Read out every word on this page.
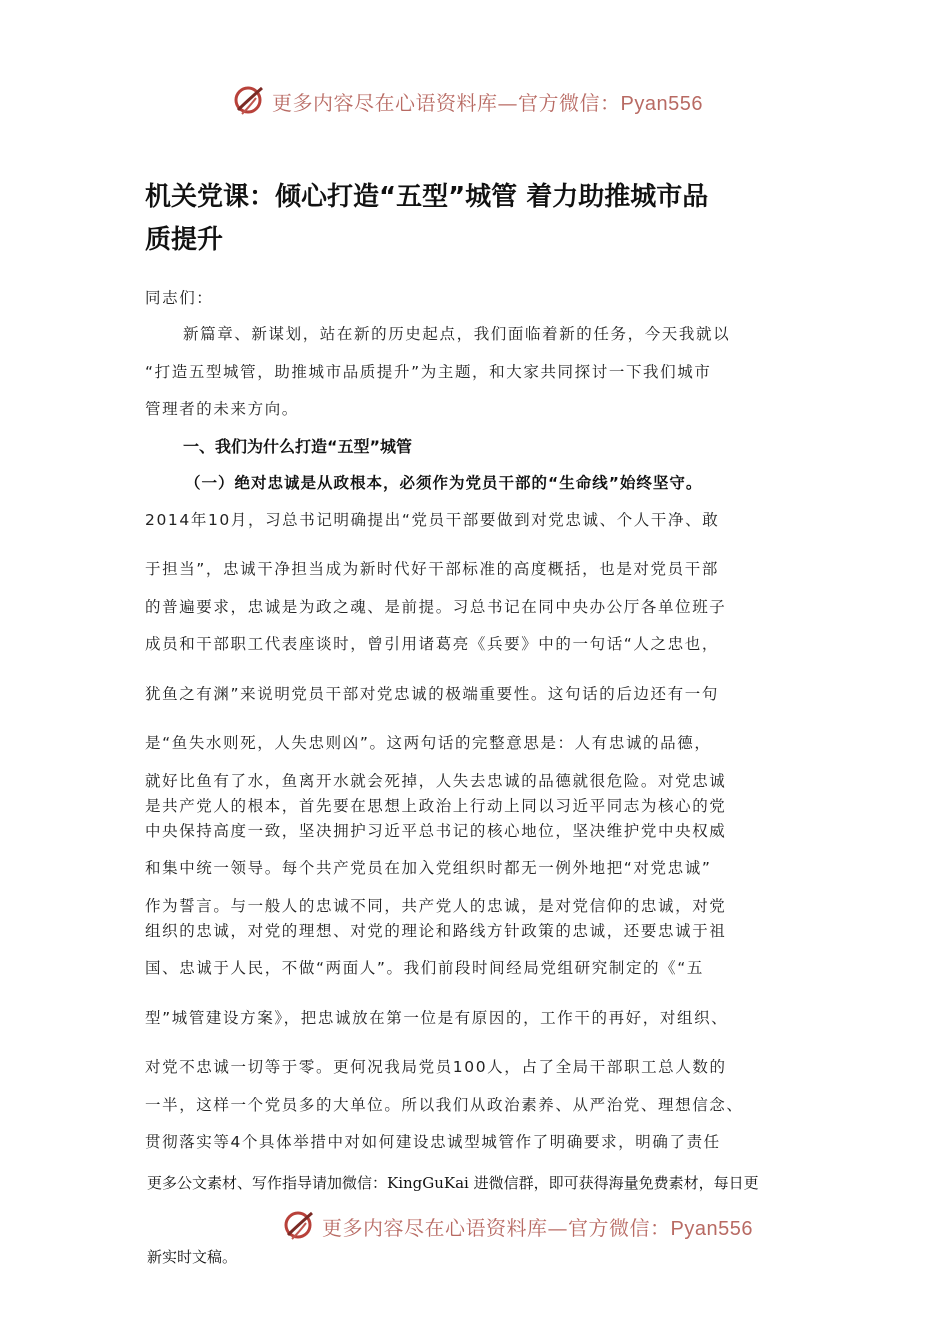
更多内容尽在心语资料库—官方微信：Pyan556
机关党课：倾心打造“五型”城管 着力助推城市品
质提升
同志们：
新篇章、新谋划，站在新的历史起点，我们面临着新的任务，今天我就以
“打造五型城管，助推城市品质提升”为主题，和大家共同探讨一下我们城市
管理者的未来方向。
一、我们为什么打造“五型”城管
（一）绝对忠诚是从政根本，必须作为党员干部的“生命线”始终坚守。
2014年10月，习总书记明确提出“党员干部要做到对党忠诚、个人干净、敢
于担当”，忠诚干净担当成为新时代好干部标准的高度概括，也是对党员干部
的普遍要求，忠诚是为政之魂、是前提。习总书记在同中央办公厅各单位班子
成员和干部职工代表座谈时，曾引用诸葛亮《兵要》中的一句话“人之忠也，
犹鱼之有渊”来说明党员干部对党忠诚的极端重要性。这句话的后边还有一句
是“鱼失水则死，人失忠则凶”。这两句话的完整意思是：人有忠诚的品德，
就好比鱼有了水，鱼离开水就会死掉，人失去忠诚的品德就很危险。对党忠诚
是共产党人的根本，首先要在思想上政治上行动上同以习近平同志为核心的党
中央保持高度一致，坚决拥护习近平总书记的核心地位，坚决维护党中央权威
和集中统一领导。每个共产党员在加入党组织时都无一例外地把“对党忠诚”
作为誓言。与一般人的忠诚不同，共产党人的忠诚，是对党信仰的忠诚，对党
组织的忠诚，对党的理想、对党的理论和路线方针政策的忠诚，还要忠诚于祖
国、忠诚于人民，不做“两面人”。我们前段时间经局党组研究制定的《“五
型”城管建设方案》，把忠诚放在第一位是有原因的，工作干的再好，对组织、
对党不忠诚一切等于零。更何况我局党员100人，占了全局干部职工总人数的
一半，这样一个党员多的大单位。所以我们从政治素养、从严治党、理想信念、
贯彻落实等4个具体举措中对如何建设忠诚型城管作了明确要求，明确了责任
更多公文素材、写作指导请加微信：KingGuKai 进微信群，即可获得海量免费素材，每日更
更多内容尽在心语资料库—官方微信：Pyan556
新实时文稿。
